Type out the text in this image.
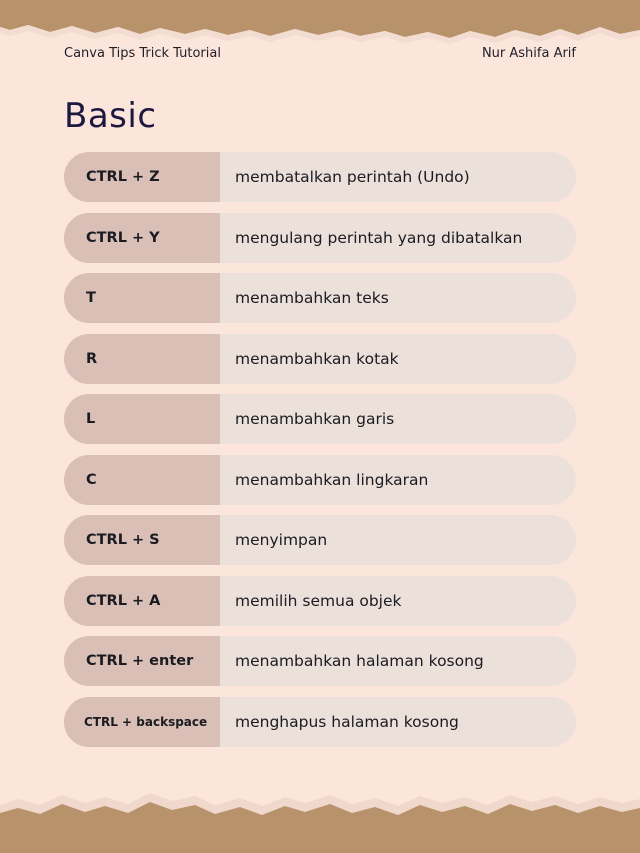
Canva Tips Trick Tutorial	Nur Ashifa Arif
Basic
CTRL + Z	membatalkan perintah (Undo)
CTRL + Y	mengulang perintah yang dibatalkan
T	menambahkan teks
R	menambahkan kotak
L	menambahkan garis
C	menambahkan lingkaran
CTRL + S	menyimpan
CTRL + A	memilih semua objek
CTRL + enter	menambahkan halaman kosong
CTRL + backspace	menghapus halaman kosong
